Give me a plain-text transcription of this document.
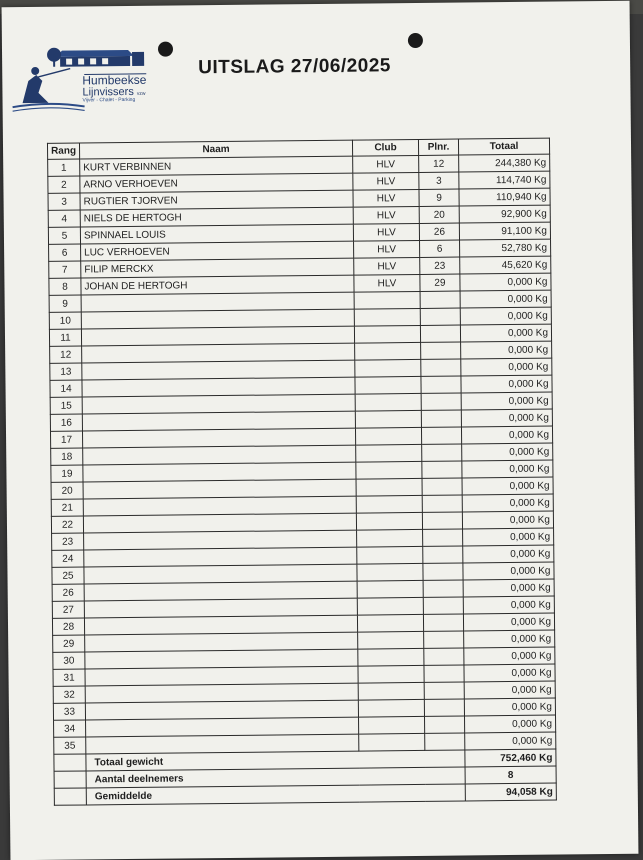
Humbeekse
Lijnvissers vzw
Vijver - Chalet - Parking
UITSLAG 27/06/2025
Rang	Naam	Club	Plnr.	Totaal
1	KURT VERBINNEN	HLV	12	244,380 Kg
2	ARNO VERHOEVEN	HLV	3	114,740 Kg
3	RUGTIER TJORVEN	HLV	9	110,940 Kg
4	NIELS DE HERTOGH	HLV	20	92,900 Kg
5	SPINNAEL LOUIS	HLV	26	91,100 Kg
6	LUC VERHOEVEN	HLV	6	52,780 Kg
7	FILIP MERCKX	HLV	23	45,620 Kg
8	JOHAN DE HERTOGH	HLV	29	0,000 Kg
9				0,000 Kg
10				0,000 Kg
11				0,000 Kg
12				0,000 Kg
13				0,000 Kg
14				0,000 Kg
15				0,000 Kg
16				0,000 Kg
17				0,000 Kg
18				0,000 Kg
19				0,000 Kg
20				0,000 Kg
21				0,000 Kg
22				0,000 Kg
23				0,000 Kg
24				0,000 Kg
25				0,000 Kg
26				0,000 Kg
27				0,000 Kg
28				0,000 Kg
29				0,000 Kg
30				0,000 Kg
31				0,000 Kg
32				0,000 Kg
33				0,000 Kg
34				0,000 Kg
35				0,000 Kg
	Totaal gewicht			752,460 Kg
	Aantal deelnemers			8
	Gemiddelde			94,058 Kg
